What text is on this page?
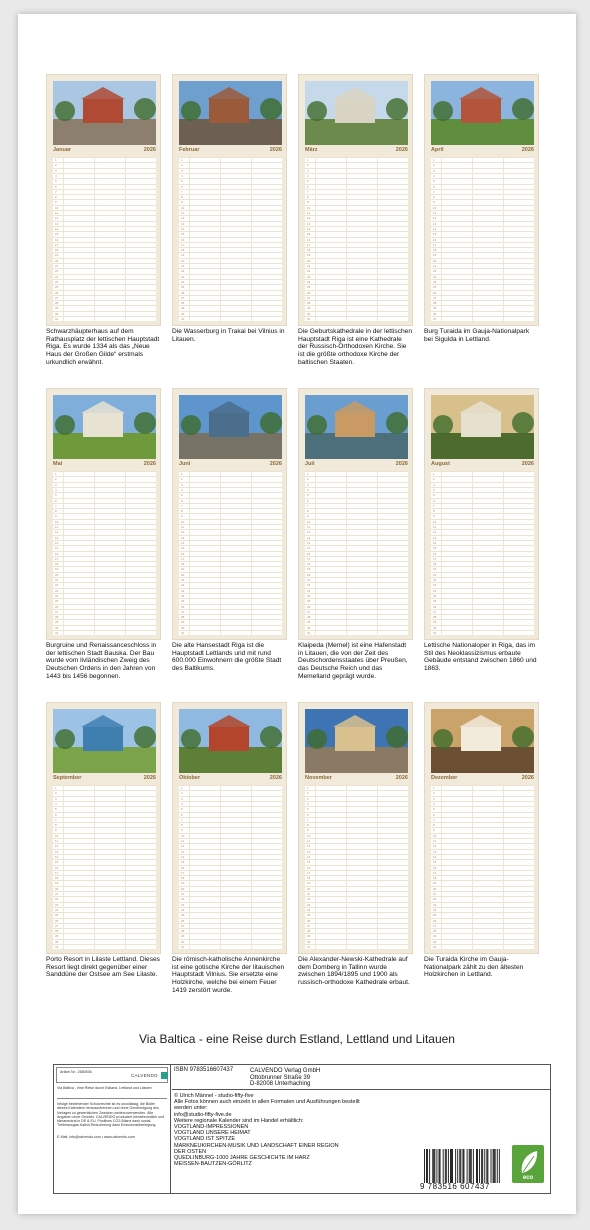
Januar	2026
1
2
3
4
5
6
7
8
9
10
11
12
13
14
15
16
17
18
19
20
21
22
23
24
25
26
27
28
29
30
31
Schwarzhäupterhaus auf dem Rathausplatz der lettischen Hauptstadt Riga. Es wurde 1334 als das „Neue Haus der Großen Gilde“ erstmals urkundlich erwähnt.
Februar	2026
1
2
3
4
5
6
7
8
9
10
11
12
13
14
15
16
17
18
19
20
21
22
23
24
25
26
27
28
29
30
31
Die Wasserburg in Trakai bei Vilnius in Litauen.
März	2026
1
2
3
4
5
6
7
8
9
10
11
12
13
14
15
16
17
18
19
20
21
22
23
24
25
26
27
28
29
30
31
Die Geburtskathedrale in der lettischen Hauptstadt Riga ist eine Kathedrale der Russisch-Orthodoxen Kirche. Sie ist die größte orthodoxe Kirche der baltischen Staaten.
April	2026
1
2
3
4
5
6
7
8
9
10
11
12
13
14
15
16
17
18
19
20
21
22
23
24
25
26
27
28
29
30
31
Burg Turaida im Gauja-Nationalpark bei Sigulda in Lettland.
Mai	2026
1
2
3
4
5
6
7
8
9
10
11
12
13
14
15
16
17
18
19
20
21
22
23
24
25
26
27
28
29
30
31
Burgruine und Renaissanceschloss in der lettischen Stadt Bauska. Der Bau wurde vom livländischen Zweig des Deutschen Ordens in den Jahren von 1443 bis 1456 begonnen.
Juni	2026
1
2
3
4
5
6
7
8
9
10
11
12
13
14
15
16
17
18
19
20
21
22
23
24
25
26
27
28
29
30
31
Die alte Hansestadt Riga ist die Hauptstadt Lettlands und mit rund 600.000 Einwohnern die größte Stadt des Baltikums.
Juli	2026
1
2
3
4
5
6
7
8
9
10
11
12
13
14
15
16
17
18
19
20
21
22
23
24
25
26
27
28
29
30
31
Klaipeda (Memel) ist eine Hafenstadt in Litauen, die von der Zeit des Deutschordensstaates über Preußen, das Deutsche Reich und das Memelland geprägt wurde.
August	2026
1
2
3
4
5
6
7
8
9
10
11
12
13
14
15
16
17
18
19
20
21
22
23
24
25
26
27
28
29
30
31
Lettische Nationaloper in Riga, das im Stil des Neoklassizismus erbaute Gebäude entstand zwischen 1860 und 1863.
September	2026
1
2
3
4
5
6
7
8
9
10
11
12
13
14
15
16
17
18
19
20
21
22
23
24
25
26
27
28
29
30
31
Porto Resort in Lilaste Lettland. Dieses Resort liegt direkt gegenüber einer Sanddüne der Ostsee am See Lilaste.
Oktober	2026
1
2
3
4
5
6
7
8
9
10
11
12
13
14
15
16
17
18
19
20
21
22
23
24
25
26
27
28
29
30
31
Die römisch-katholische Annenkirche ist eine gotische Kirche der litauischen Hauptstadt Vilnius. Sie ersetzte eine Holzkirche, welche bei einem Feuer 1419 zerstört wurde.
November	2026
1
2
3
4
5
6
7
8
9
10
11
12
13
14
15
16
17
18
19
20
21
22
23
24
25
26
27
28
29
30
31
Die Alexander-Newski-Kathedrale auf dem Domberg in Tallinn wurde zwischen 1894/1895 und 1900 als russisch-orthodoxe Kathedrale erbaut.
Dezember	2026
1
2
3
4
5
6
7
8
9
10
11
12
13
14
15
16
17
18
19
20
21
22
23
24
25
26
27
28
29
30
31
Die Turaida Kirche im Gauja-Nationalpark zählt zu den ältesten Holzkirchen in Lettland.
Via Baltica - eine Reise durch Estland, Lettland und Litauen
Artikel Nr.: 2580536
CALVENDO
Via Baltica - eine Reise durch Estland, Lettland und Litauen
Infolge bestehender Schutzrechte ist es unzulässig, die Bilder dieses Kalenders herauszutrennen und ohne Genehmigung des Verlages zu gewerblichen Zwecken weiterzuverwenden. Alle Angaben ohne Gewähr. CALVENDO produziert klimafreundlich und klimaneutral in DE & EU. Positives CO2-Bilanz dank sozial-Treibhausgas-Kalkül-Reduzierung dank Emissionsüberlegung.
E-Mail: info@calvendo.com • www.calvendo.com
ISBN 9783516607437	CALVENDO Verlag GmbH
Ottobrunner Straße 39
D-82008 Unterhaching
© Ulrich Männel - studio-fifty-five
Alle Fotos können auch einzeln in allen Formaten und Ausführungen bestellt werden unter:
info@studio-fifty-five.de
Weitere regionale Kalender sind im Handel erhältlich:
VOGTLAND-IMPRESSIONEN
VOGTLAND UNSERE HEIMAT
VOGTLAND IST SPITZE
MARKNEUKIRCHEN-MUSIK UND LANDSCHAFT EINER REGION
DER OSTEN
QUEDLINBURG-1000 JAHRE GESCHICHTE IM HARZ
MEISSEN-BAUTZEN-GÖRLITZ
9 783516 607437
eco
